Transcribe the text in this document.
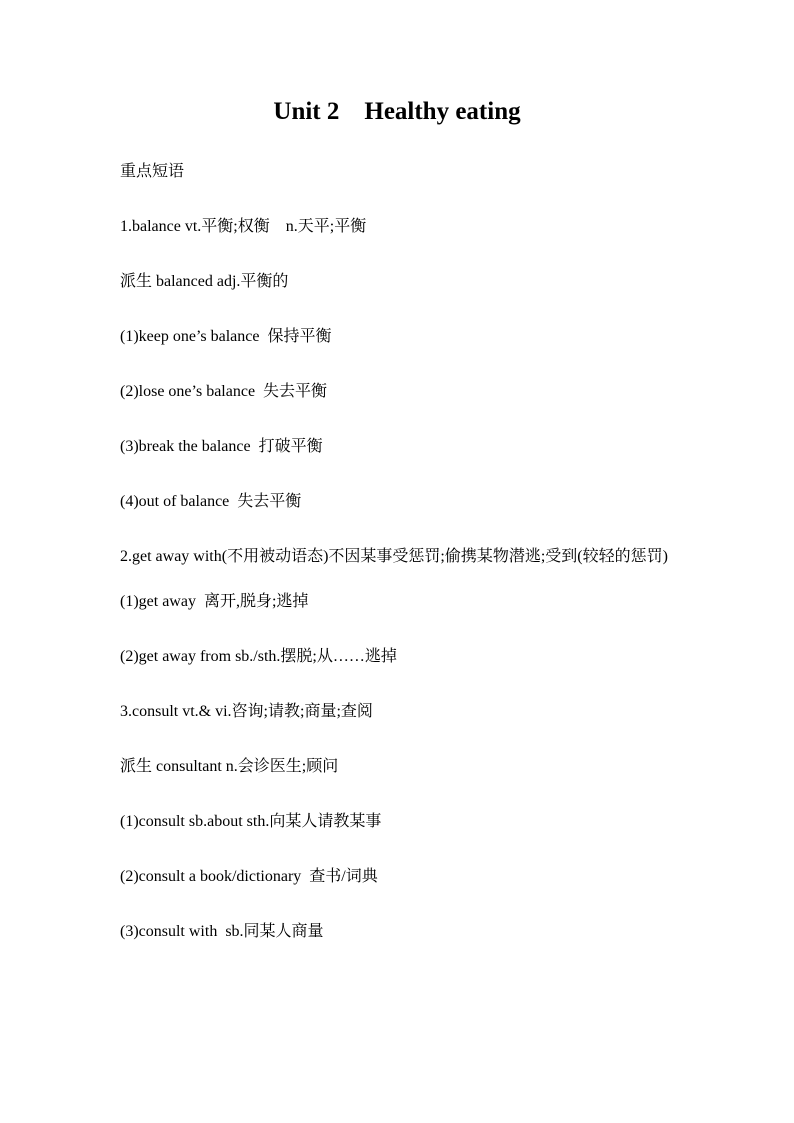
Unit 2    Healthy eating

重点短语

1.balance vt.平衡;权衡    n.天平;平衡

派生 balanced adj.平衡的

(1)keep one’s balance  保持平衡

(2)lose one’s balance  失去平衡

(3)break the balance  打破平衡

(4)out of balance  失去平衡

2.get away with(不用被动语态)不因某事受惩罚;偷携某物潜逃;受到(较轻的惩罚)

(1)get away  离开,脱身;逃掉

(2)get away from sb./sth.摆脱;从……逃掉

3.consult vt.& vi.咨询;请教;商量;查阅

派生 consultant n.会诊医生;顾问

(1)consult sb.about sth.向某人请教某事

(2)consult a book/dictionary  查书/词典

(3)consult with  sb.同某人商量
